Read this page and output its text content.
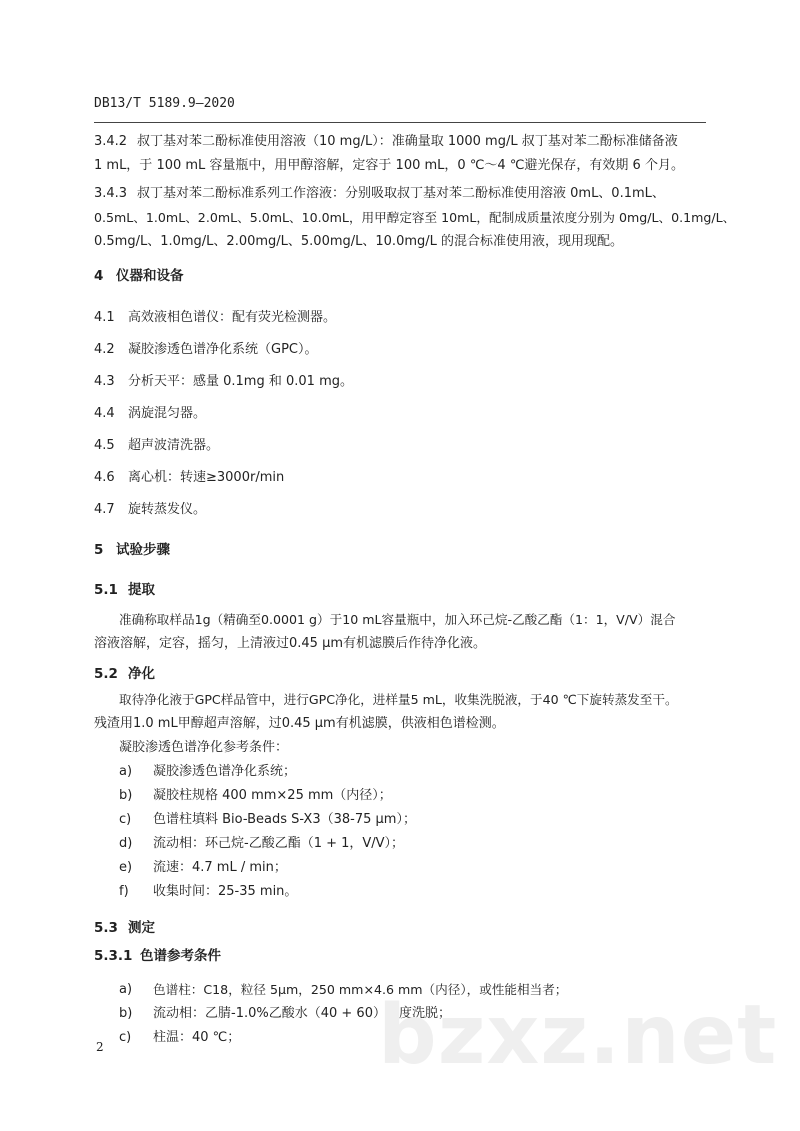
DB13/T 5189.9—2020
3.4.2 叔丁基对苯二酚标准使用溶液（10 mg/L）：准确量取 1000 mg/L 叔丁基对苯二酚标准储备液
1 mL，于 100 mL 容量瓶中，用甲醇溶解，定容于 100 mL，0 ℃～4 ℃避光保存，有效期 6 个月。
3.4.3 叔丁基对苯二酚标准系列工作溶液：分别吸取叔丁基对苯二酚标准使用溶液 0mL、0.1mL、
0.5mL、1.0mL、2.0mL、5.0mL、10.0mL，用甲醇定容至 10mL，配制成质量浓度分别为 0mg/L、0.1mg/L、
0.5mg/L、1.0mg/L、2.00mg/L、5.00mg/L、10.0mg/L 的混合标准使用液，现用现配。
4 仪器和设备
4.1 高效液相色谱仪：配有荧光检测器。
4.2 凝胶渗透色谱净化系统（GPC）。
4.3 分析天平：感量 0.1mg 和 0.01 mg。
4.4 涡旋混匀器。
4.5 超声波清洗器。
4.6 离心机：转速≥3000r/min
4.7 旋转蒸发仪。
5 试验步骤
5.1 提取
准确称取样品1g（精确至0.0001 g）于10 mL容量瓶中，加入环己烷-乙酸乙酯（1：1，V/V）混合
溶液溶解，定容，摇匀，上清液过0.45 μm有机滤膜后作待净化液。
5.2 净化
取待净化液于GPC样品管中，进行GPC净化，进样量5 mL，收集洗脱液，于40 ℃下旋转蒸发至干。
残渣用1.0 mL甲醇超声溶解，过0.45 μm有机滤膜，供液相色谱检测。
凝胶渗透色谱净化参考条件：
a) 凝胶渗透色谱净化系统；
b) 凝胶柱规格 400 mm×25 mm（内径）；
c) 色谱柱填料 Bio-Beads S-X3（38-75 μm）；
d) 流动相：环己烷-乙酸乙酯（1 + 1，V/V）；
e) 流速：4.7 mL / min；
f) 收集时间：25-35 min。
5.3 测定
5.3.1 色谱参考条件
a) 色谱柱：C18，粒径 5μm，250 mm×4.6 mm（内径），或性能相当者；
b) 流动相：乙腈-1.0%乙酸水（40 + 60）等度洗脱；
c) 柱温：40 ℃； bzxz.net
2
